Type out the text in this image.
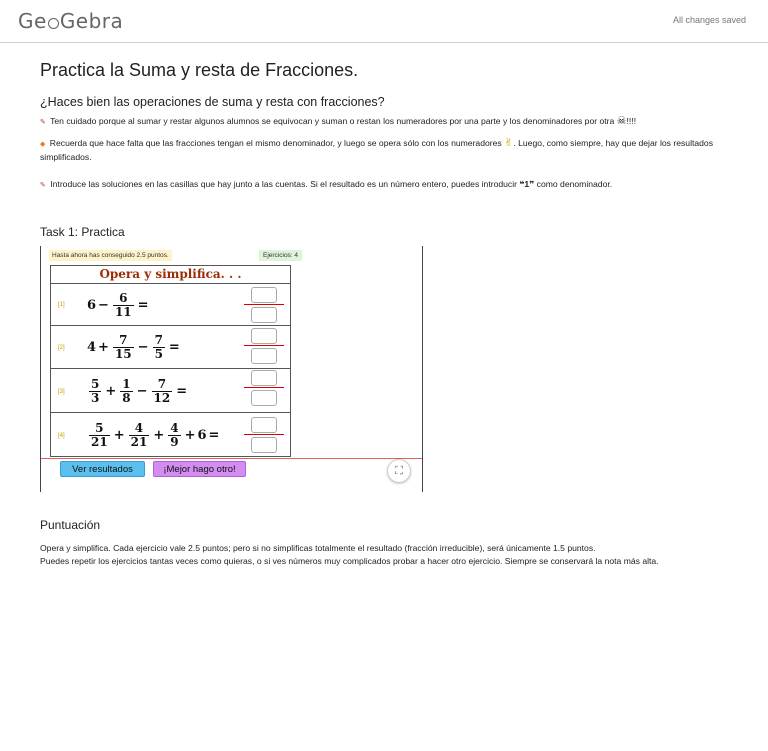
Ge Gebra	All changes saved
Practica la Suma y resta de Fracciones.
¿Haces bien las operaciones de suma y resta con fracciones?

✎ Ten cuidado porque al sumar y restar algunos alumnos se equivocan y suman o restan los numeradores por una parte y los denominadores por otra ☠!!!!

◆ Recuerda que hace falta que las fracciones tengan el mismo denominador, y luego se opera sólo con los numeradores ✌. Luego, como siempre, hay que dejar los resultados simplificados.

✎ Introduce las soluciones en las casillas que hay junto a las cuentas. Si el resultado es un número entero, puedes introducir ❝1❞ como denominador.

Task 1: Practica
Hasta ahora has conseguido 2.5 puntos.	Ejercicios: 4
Opera y simplifica. . .
[1] $6 - \frac{6}{11}$ =
[2] $4 + \frac{7}{15} - \frac{7}{5}$ =
$[3] \frac{5}{3} + \frac{1}{8} - \frac{7}{12}$ =
$[4] \frac{5}{21} + \frac{4}{21} + \frac{4}{9} + 6$ =
Ver resultados	¡Mejor hago otro!	⛶
Puntuación

Opera y simplifica. Cada ejercicio vale 2.5 puntos; pero si no simplificas totalmente el resultado (fracción irreducible), será únicamente 1.5 puntos.

Puedes repetir los ejercicios tantas veces como quieras, o si ves números muy complicados probar a hacer otro ejercicio. Siempre se conservará la nota más alta.
